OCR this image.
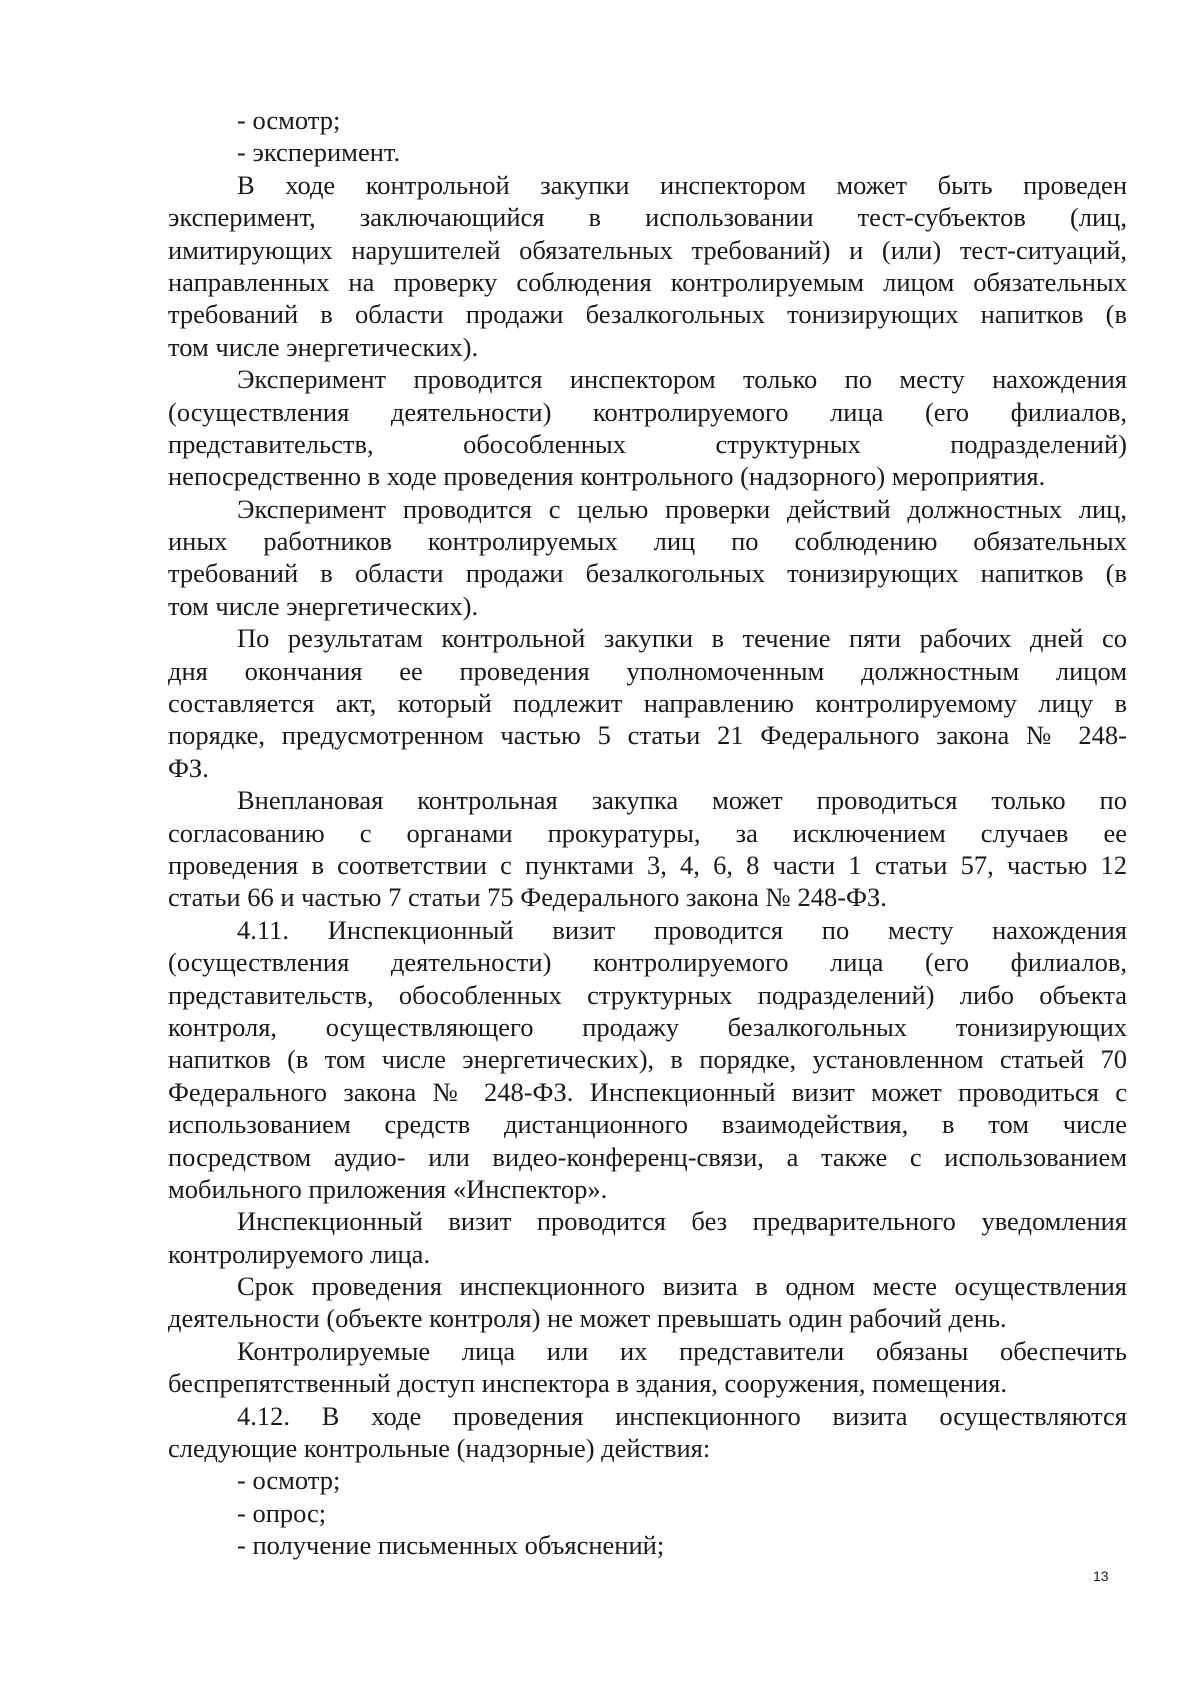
- осмотр;
- эксперимент.
В ходе контрольной закупки инспектором может быть проведен
эксперимент, заключающийся в использовании тест-субъектов (лиц,
имитирующих нарушителей обязательных требований) и (или) тест-ситуаций,
направленных на проверку соблюдения контролируемым лицом обязательных
требований в области продажи безалкогольных тонизирующих напитков (в
том числе энергетических).
Эксперимент проводится инспектором только по месту нахождения
(осуществления деятельности) контролируемого лица (его филиалов,
представительств, обособленных структурных подразделений)
непосредственно в ходе проведения контрольного (надзорного) мероприятия.
Эксперимент проводится с целью проверки действий должностных лиц,
иных работников контролируемых лиц по соблюдению обязательных
требований в области продажи безалкогольных тонизирующих напитков (в
том числе энергетических).
По результатам контрольной закупки в течение пяти рабочих дней со
дня окончания ее проведения уполномоченным должностным лицом
составляется акт, который подлежит направлению контролируемому лицу в
порядке, предусмотренном частью 5 статьи 21 Федерального закона № 248-
ФЗ.
Внеплановая контрольная закупка может проводиться только по
согласованию с органами прокуратуры, за исключением случаев ее
проведения в соответствии с пунктами 3, 4, 6, 8 части 1 статьи 57, частью 12
статьи 66 и частью 7 статьи 75 Федерального закона № 248-ФЗ.
4.11. Инспекционный визит проводится по месту нахождения
(осуществления деятельности) контролируемого лица (его филиалов,
представительств, обособленных структурных подразделений) либо объекта
контроля, осуществляющего продажу безалкогольных тонизирующих
напитков (в том числе энергетических), в порядке, установленном статьей 70
Федерального закона № 248-ФЗ. Инспекционный визит может проводиться с
использованием средств дистанционного взаимодействия, в том числе
посредством аудио- или видео-конференц-связи, а также с использованием
мобильного приложения «Инспектор».
Инспекционный визит проводится без предварительного уведомления
контролируемого лица.
Срок проведения инспекционного визита в одном месте осуществления
деятельности (объекте контроля) не может превышать один рабочий день.
Контролируемые лица или их представители обязаны обеспечить
беспрепятственный доступ инспектора в здания, сооружения, помещения.
4.12. В ходе проведения инспекционного визита осуществляются
следующие контрольные (надзорные) действия:
- осмотр;
- опрос;
- получение письменных объяснений;
13
